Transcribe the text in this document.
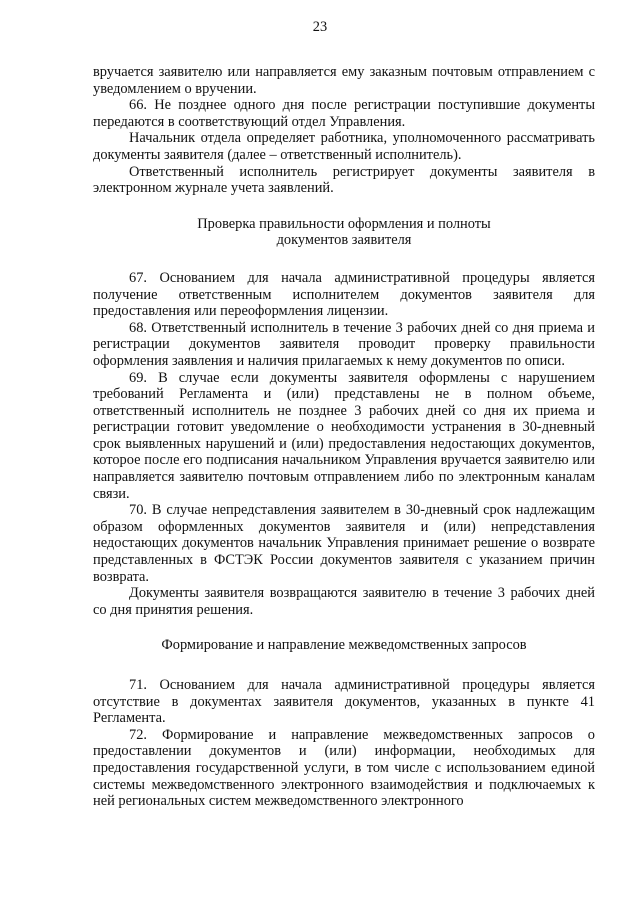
23

вручается заявителю или направляется ему заказным почтовым отправлением с уведомлением о вручении.

66. Не позднее одного дня после регистрации поступившие документы передаются в соответствующий отдел Управления.

Начальник отдела определяет работника, уполномоченного рассматривать документы заявителя (далее – ответственный исполнитель).

Ответственный исполнитель регистрирует документы заявителя в электронном журнале учета заявлений.

Проверка правильности оформления и полноты
документов заявителя

67. Основанием для начала административной процедуры является получение ответственным исполнителем документов заявителя для предоставления или переоформления лицензии.

68. Ответственный исполнитель в течение 3 рабочих дней со дня приема и регистрации документов заявителя проводит проверку правильности оформления заявления и наличия прилагаемых к нему документов по описи.

69. В случае если документы заявителя оформлены с нарушением требований Регламента и (или) представлены не в полном объеме, ответственный исполнитель не позднее 3 рабочих дней со дня их приема и регистрации готовит уведомление о необходимости устранения в 30-дневный срок выявленных нарушений и (или) предоставления недостающих документов, которое после его подписания начальником Управления вручается заявителю или направляется заявителю почтовым отправлением либо по электронным каналам связи.

70. В случае непредставления заявителем в 30-дневный срок надлежащим образом оформленных документов заявителя и (или) непредставления недостающих документов начальник Управления принимает решение о возврате представленных в ФСТЭК России документов заявителя с указанием причин возврата.

Документы заявителя возвращаются заявителю в течение 3 рабочих дней со дня принятия решения.

Формирование и направление межведомственных запросов

71. Основанием для начала административной процедуры является отсутствие в документах заявителя документов, указанных в пункте 41 Регламента.

72. Формирование и направление межведомственных запросов о предоставлении документов и (или) информации, необходимых для предоставления государственной услуги, в том числе с использованием единой системы межведомственного электронного взаимодействия и подключаемых к ней региональных систем межведомственного электронного
